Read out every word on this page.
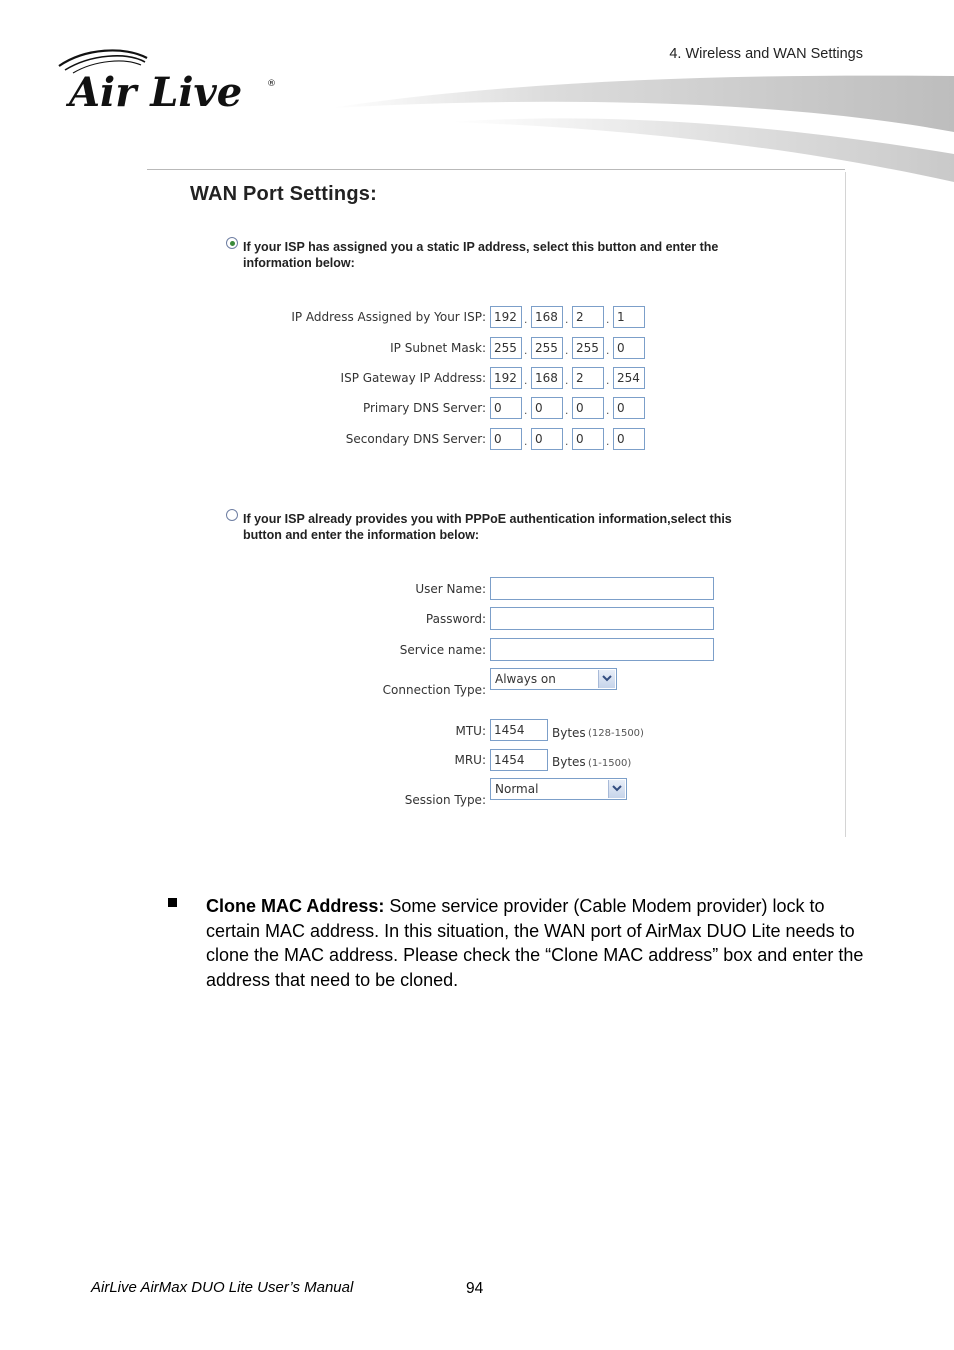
4. Wireless and WAN Settings
Air Live	®
WAN Port Settings:
If your ISP has assigned you a static IP address, select this button and enter the information below:
IP Address Assigned by Your ISP: 192 . 168 . 2	. 1
IP Subnet Mask: 255 . 255 . 255 . 0
ISP Gateway IP Address: 192 . 168 . 2	. 254
Primary DNS Server: 0	. 0	. 0	. 0
Secondary DNS Server: 0	. 0	. 0	. 0
If your ISP already provides you with PPPoE authentication information,select this button and enter the information below:
User Name:
Password:
Service name:
Connection Type:
Always on
MTU: 1454	Bytes (128-1500)
MRU: 1454	Bytes (1-1500)
Session Type:
Normal
Clone MAC Address: Some service provider (Cable Modem provider) lock to certain MAC address. In this situation, the WAN port of AirMax DUO Lite needs to clone the MAC address. Please check the “Clone MAC address” box and enter the address that need to be cloned.
AirLive AirMax DUO Lite User’s Manual	94
